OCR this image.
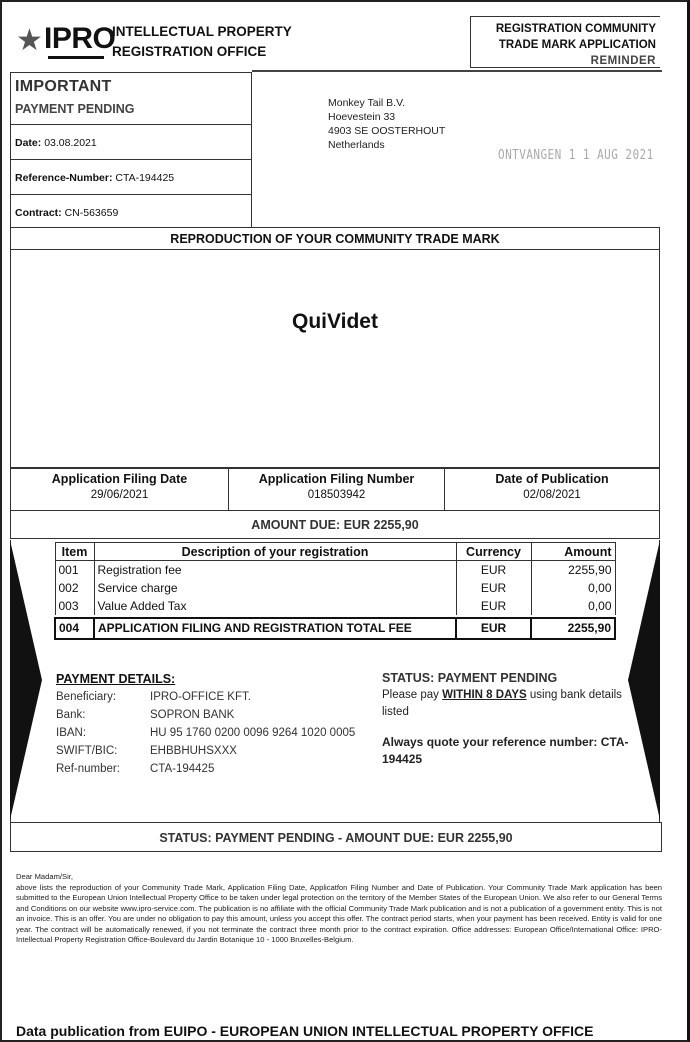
★ IPRO
INTELLECTUAL PROPERTY
REGISTRATION OFFICE
REGISTRATION COMMUNITY
TRADE MARK APPLICATION
REMINDER
IMPORTANT
PAYMENT PENDING
Date: 03.08.2021
Reference-Number: CTA-194425
Contract: CN-563659
Monkey Tail B.V.
Hoevestein 33
4903 SE OOSTERHOUT
Netherlands
ONTVANGEN 1 1 AUG 2021
REPRODUCTION OF YOUR COMMUNITY TRADE MARK
QuiVidet
Application Filing Date
29/06/2021
Application Filing Number
018503942
Date of Publication
02/08/2021
AMOUNT DUE: EUR 2255,90
Item	Description of your registration	Currency	Amount
001	Registration fee	EUR	2255,90
002	Service charge	EUR	0,00
003	Value Added Tax	EUR	0,00

004	APPLICATION FILING AND REGISTRATION TOTAL FEE	EUR	2255,90
PAYMENT DETAILS:
Beneficiary:	IPRO-OFFICE KFT.
Bank:	SOPRON BANK
IBAN:	HU 95 1760 0200 0096 9264 1020 0005
SWIFT/BIC:	EHBBHUHSXXX
Ref-number:	CTA-194425
STATUS: PAYMENT PENDING
Please pay WITHIN 8 DAYS using bank details listed
Always quote your reference number: CTA-194425
STATUS: PAYMENT PENDING - AMOUNT DUE: EUR 2255,90
Dear Madam/Sir,
above lists the reproduction of your Community Trade Mark, Application Filing Date, Applicatfon Filing Number and Date of Publication. Your Community Trade Mark application has been submitted to the European Union Intellectual Property Office to be taken under legal protection on the territory of the Member States of the European Union. We also refer to our General Terms and Conditions on our website www.ipro-service.com. The publication is no affiliate with the official Community Trade Mark publication and is not a publication of a government entity. This is not an invoice. This is an offer. You are under no obligation to pay this amount, unless you accept this offer. The contract period starts, when your payment has been received. Entity is valid for one year. The contract will be automatically renewed, if you not terminate the contract three month prior to the contract expiration. Office addresses: European Office/International Office: IPRO-Intellectual Property Registration Office-Boulevard du Jardin Botanique 10 - 1000 Bruxelles-Belgium.
Data publication from EUIPO - EUROPEAN UNION INTELLECTUAL PROPERTY OFFICE
